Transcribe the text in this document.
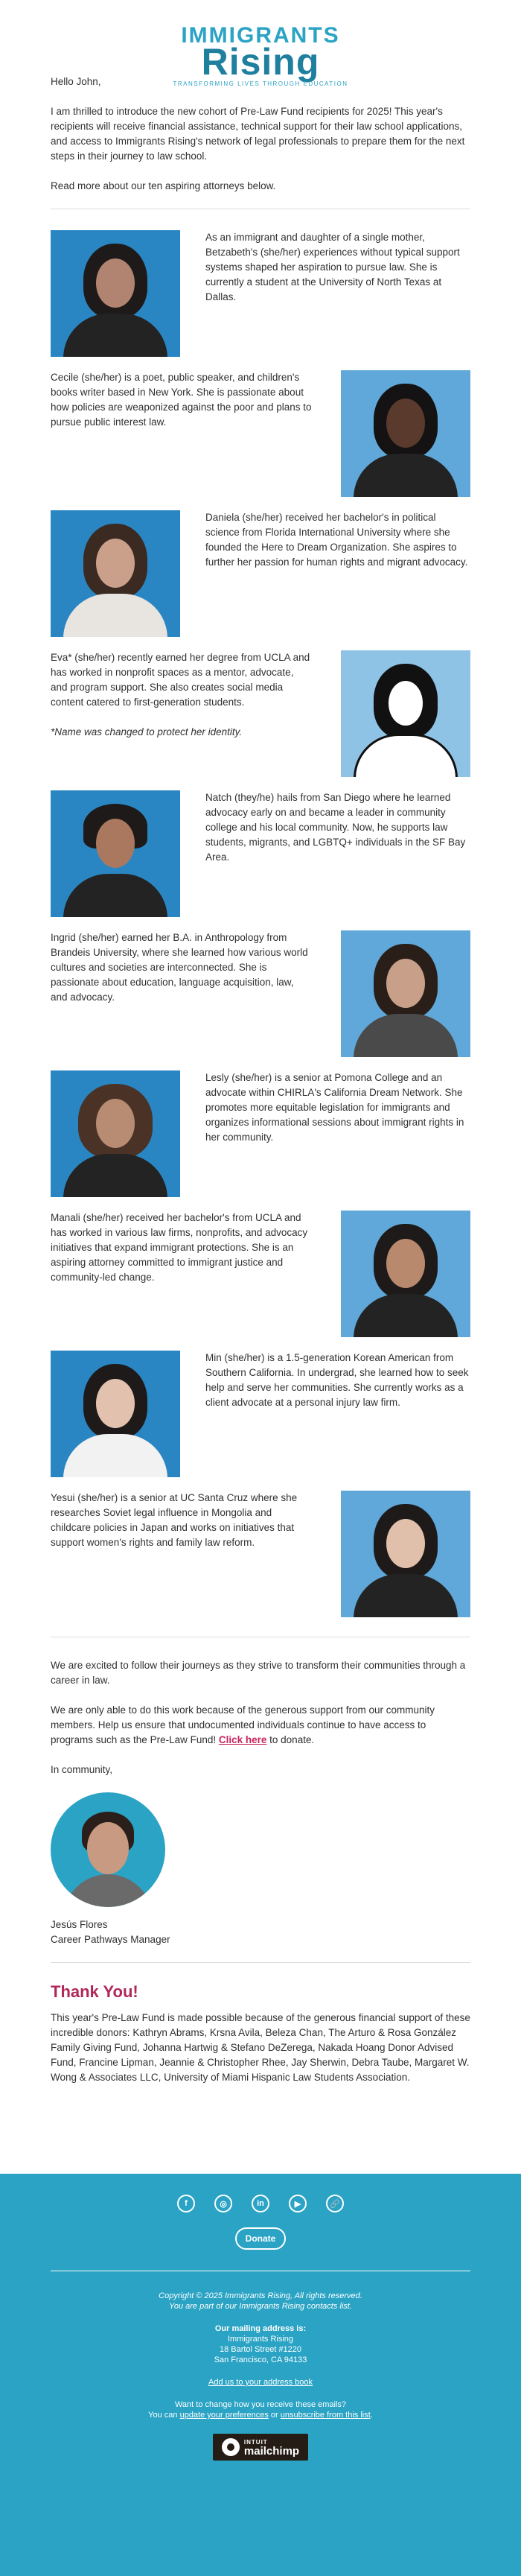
IMMIGRANTS
Rising
TRANSFORMING LIVES THROUGH EDUCATION

Hello John,

I am thrilled to introduce the new cohort of Pre-Law Fund recipients for 2025! This year's recipients will receive financial assistance, technical support for their law school applications, and access to Immigrants Rising's network of legal professionals to prepare them for the next steps in their journey to law school.

Read more about our ten aspiring attorneys below.

As an immigrant and daughter of a single mother, Betzabeth's (she/her) experiences without typical support systems shaped her aspiration to pursue law. She is currently a student at the University of North Texas at Dallas.

Cecile (she/her) is a poet, public speaker, and children's books writer based in New York. She is passionate about how policies are weaponized against the poor and plans to pursue public interest law.

Daniela (she/her) received her bachelor's in political science from Florida International University where she founded the Here to Dream Organization. She aspires to further her passion for human rights and migrant advocacy.

Eva* (she/her) recently earned her degree from UCLA and has worked in nonprofit spaces as a mentor, advocate, and program support. She also creates social media content catered to first-generation students.

*Name was changed to protect her identity.

Natch (they/he) hails from San Diego where he learned advocacy early on and became a leader in community college and his local community. Now, he supports law students, migrants, and LGBTQ+ individuals in the SF Bay Area.

Ingrid (she/her) earned her B.A. in Anthropology from Brandeis University, where she learned how various world cultures and societies are interconnected. She is passionate about education, language acquisition, law, and advocacy.

Lesly (she/her) is a senior at Pomona College and an advocate within CHIRLA's California Dream Network. She promotes more equitable legislation for immigrants and organizes informational sessions about immigrant rights in her community.

Manali (she/her) received her bachelor's from UCLA and has worked in various law firms, nonprofits, and advocacy initiatives that expand immigrant protections. She is an aspiring attorney committed to immigrant justice and community-led change.

Min (she/her) is a 1.5-generation Korean American from Southern California. In undergrad, she learned how to seek help and serve her communities. She currently works as a client advocate at a personal injury law firm.

Yesui (she/her) is a senior at UC Santa Cruz where she researches Soviet legal influence in Mongolia and childcare policies in Japan and works on initiatives that support women's rights and family law reform.

We are excited to follow their journeys as they strive to transform their communities through a career in law.

We are only able to do this work because of the generous support from our community members. Help us ensure that undocumented individuals continue to have access to programs such as the Pre-Law Fund! Click here to donate.

In community,

Jesús Flores

Career Pathways Manager

Thank You!

This year's Pre-Law Fund is made possible because of the generous financial support of these incredible donors: Kathryn Abrams, Krsna Avila, Beleza Chan, The Arturo & Rosa González Family Giving Fund, Johanna Hartwig & Stefano DeZerega, Nakada Hoang Donor Advised Fund, Francine Lipman, Jeannie & Christopher Rhee, Jay Sherwin, Debra Taube, Margaret W. Wong & Associates LLC, University of Miami Hispanic Law Students Association.

f	◎	in	▶	🔗
Donate
Copyright © 2025 Immigrants Rising, All rights reserved.
You are part of our Immigrants Rising contacts list.
Our mailing address is:
Immigrants Rising
18 Bartol Street #1220
San Francisco, CA 94133
Add us to your address book
Want to change how you receive these emails?
You can update your preferences or unsubscribe from this list.
INTUIT
mailchimp
